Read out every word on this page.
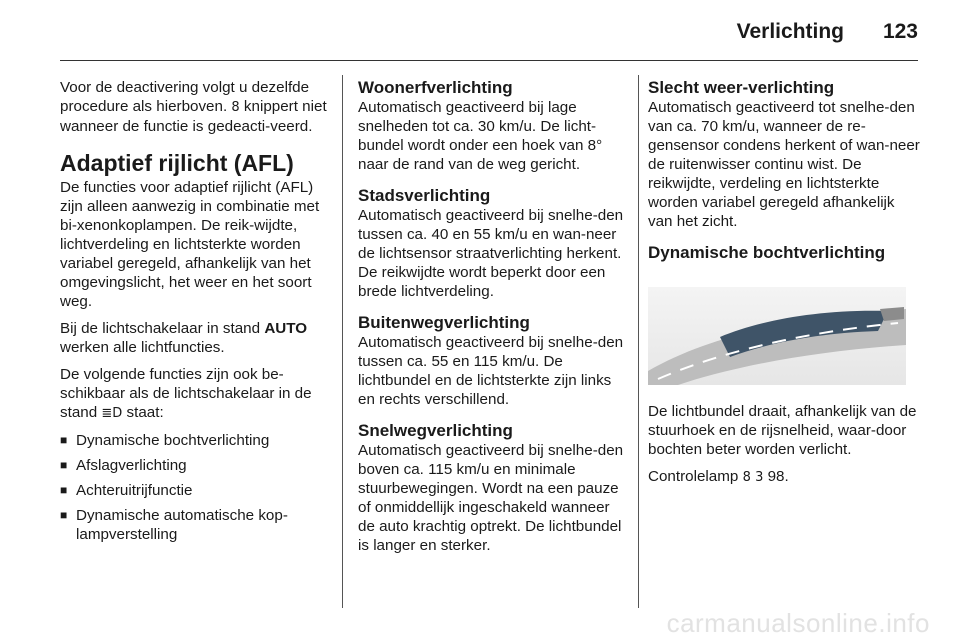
Verlichting 123

Voor de deactivering volgt u dezelfde procedure als hierboven. 8 knippert niet wanneer de functie is gedeacti-veerd.

Adaptief rijlicht (AFL)

De functies voor adaptief rijlicht (AFL) zijn alleen aanwezig in combinatie met bi-xenonkoplampen. De reik-wijdte, lichtverdeling en lichtsterkte worden variabel geregeld, afhankelijk van het omgevingslicht, het weer en het soort weg.

Bij de lichtschakelaar in stand AUTO werken alle lichtfuncties.

De volgende functies zijn ook be-schikbaar als de lichtschakelaar in de stand ≣D staat:

■ Dynamische bochtverlichting
■ Afslagverlichting
■ Achteruitrijfunctie
■ Dynamische automatische kop-lampverstelling
Woonerfverlichting
Automatisch geactiveerd bij lage snelheden tot ca. 30 km/u. De licht-bundel wordt onder een hoek van 8° naar de rand van de weg gericht.
Stadsverlichting
Automatisch geactiveerd bij snelhe-den tussen ca. 40 en 55 km/u en wan-neer de lichtsensor straatverlichting herkent. De reikwijdte wordt beperkt door een brede lichtverdeling.
Buitenwegverlichting
Automatisch geactiveerd bij snelhe-den tussen ca. 55 en 115 km/u. De lichtbundel en de lichtsterkte zijn links en rechts verschillend.
Snelwegverlichting
Automatisch geactiveerd bij snelhe-den boven ca. 115 km/u en minimale stuurbewegingen. Wordt na een pauze of onmiddellijk ingeschakeld wanneer de auto krachtig optrekt. De lichtbundel is langer en sterker.
Slecht weer-verlichting
Automatisch geactiveerd tot snelhe-den van ca. 70 km/u, wanneer de re-gensensor condens herkent of wan-neer de ruitenwisser continu wist. De reikwijdte, verdeling en lichtsterkte worden variabel geregeld afhankelijk van het zicht.
Dynamische bochtverlichting

De lichtbundel draait, afhankelijk van de stuurhoek en de rijsnelheid, waar-door bochten beter worden verlicht.

Controlelamp 8 3 98.

carmanualsonline.info
